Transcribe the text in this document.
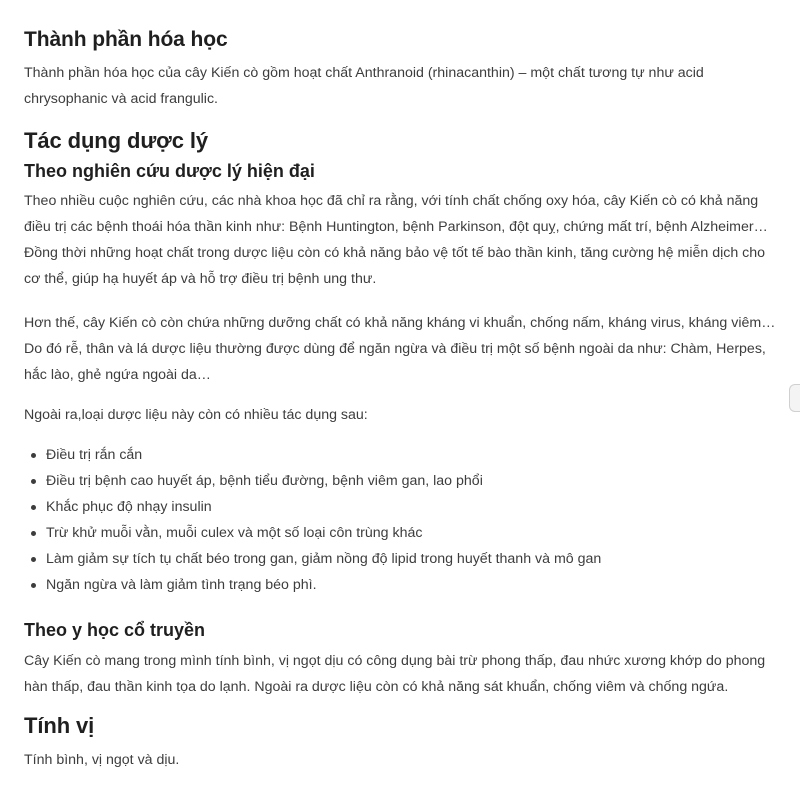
Thành phần hóa học

Thành phần hóa học của cây Kiến cò gồm hoạt chất Anthranoid (rhinacanthin) – một chất tương tự như acid chrysophanic và acid frangulic.

Tác dụng dược lý
Theo nghiên cứu dược lý hiện đại

Theo nhiều cuộc nghiên cứu, các nhà khoa học đã chỉ ra rằng, với tính chất chống oxy hóa, cây Kiến cò có khả năng điều trị các bệnh thoái hóa thần kinh như: Bệnh Huntington, bệnh Parkinson, đột quỵ, chứng mất trí, bệnh Alzheimer… Đồng thời những hoạt chất trong dược liệu còn có khả năng bảo vệ tốt tế bào thần kinh, tăng cường hệ miễn dịch cho cơ thể, giúp hạ huyết áp và hỗ trợ điều trị bệnh ung thư.

Hơn thế, cây Kiến cò còn chứa những dưỡng chất có khả năng kháng vi khuẩn, chống nấm, kháng virus, kháng viêm… Do đó rễ, thân và lá dược liệu thường được dùng để ngăn ngừa và điều trị một số bệnh ngoài da như: Chàm, Herpes, hắc lào, ghẻ ngứa ngoài da…

Ngoài ra,loại dược liệu này còn có nhiều tác dụng sau:

Điều trị rắn cắn
Điều trị bệnh cao huyết áp, bệnh tiểu đường, bệnh viêm gan, lao phổi
Khắc phục độ nhạy insulin
Trừ khử muỗi vằn, muỗi culex và một số loại côn trùng khác
Làm giảm sự tích tụ chất béo trong gan, giảm nồng độ lipid trong huyết thanh và mô gan
Ngăn ngừa và làm giảm tình trạng béo phì.
Theo y học cổ truyền

Cây Kiến cò mang trong mình tính bình, vị ngọt dịu có công dụng bài trừ phong thấp, đau nhức xương khớp do phong hàn thấp, đau thần kinh tọa do lạnh. Ngoài ra dược liệu còn có khả năng sát khuẩn, chống viêm và chống ngứa.

Tính vị

Tính bình, vị ngọt và dịu.
